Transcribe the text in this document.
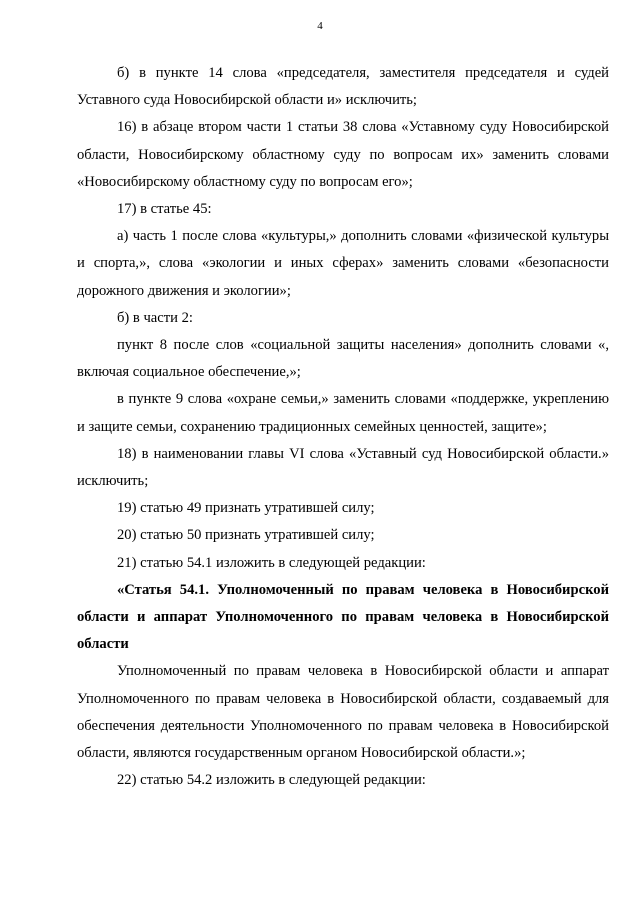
4

б) в пункте 14 слова «председателя, заместителя председателя и судей Уставного суда Новосибирской области и» исключить;

16) в абзаце втором части 1 статьи 38 слова «Уставному суду Новосибирской области, Новосибирскому областному суду по вопросам их» заменить словами «Новосибирскому областному суду по вопросам его»;

17) в статье 45:

а) часть 1 после слова «культуры,» дополнить словами «физической культуры и спорта,», слова «экологии и иных сферах» заменить словами «безопасности дорожного движения и экологии»;

б) в части 2:

пункт 8 после слов «социальной защиты населения» дополнить словами «, включая социальное обеспечение,»;

в пункте 9 слова «охране семьи,» заменить словами «поддержке, укреплению и защите семьи, сохранению традиционных семейных ценностей, защите»;

18) в наименовании главы VI слова «Уставный суд Новосибирской области.» исключить;

19) статью 49 признать утратившей силу;

20) статью 50 признать утратившей силу;

21) статью 54.1 изложить в следующей редакции:

«Статья 54.1. Уполномоченный по правам человека в Новосибирской области и аппарат Уполномоченного по правам человека в Новосибирской области

Уполномоченный по правам человека в Новосибирской области и аппарат Уполномоченного по правам человека в Новосибирской области, создаваемый для обеспечения деятельности Уполномоченного по правам человека в Новосибирской области, являются государственным органом Новосибирской области.»;

22) статью 54.2 изложить в следующей редакции:
